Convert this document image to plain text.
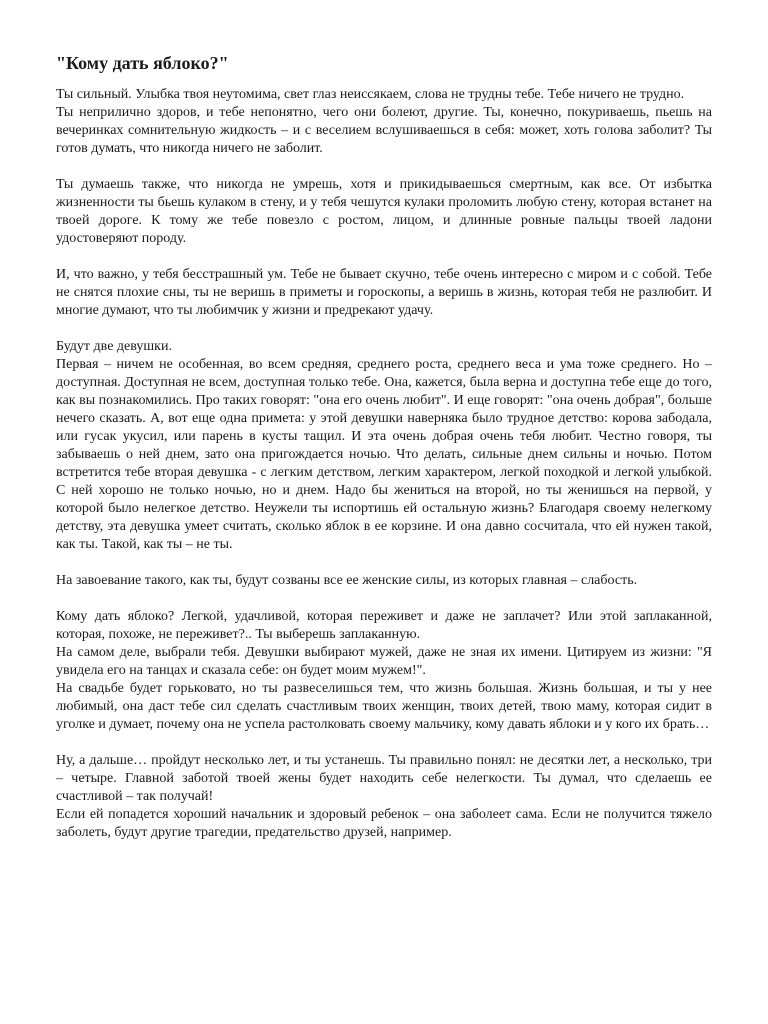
"Кому дать яблоко?"

Ты сильный. Улыбка твоя неутомима, свет глаз неиссякаем, слова не трудны тебе. Тебе ничего не трудно.
Ты неприлично здоров, и тебе непонятно, чего они болеют, другие. Ты, конечно, покуриваешь, пьешь на вечеринках сомнительную жидкость – и с веселием вслушиваешься в себя: может, хоть голова заболит? Ты готов думать, что никогда ничего не заболит.

Ты думаешь также, что никогда не умрешь, хотя и прикидываешься смертным, как все. От избытка жизненности ты бьешь кулаком в стену, и у тебя чешутся кулаки проломить любую стену, которая встанет на твоей дороге. К тому же тебе повезло с ростом, лицом, и длинные ровные пальцы твоей ладони удостоверяют породу.

И, что важно, у тебя бесстрашный ум. Тебе не бывает скучно, тебе очень интересно с миром и с собой. Тебе не снятся плохие сны, ты не веришь в приметы и гороскопы, а веришь в жизнь, которая тебя не разлюбит. И многие думают, что ты любимчик у жизни и предрекают удачу.

Будут две девушки.
Первая – ничем не особенная, во всем средняя, среднего роста, среднего веса и ума тоже среднего. Но – доступная. Доступная не всем, доступная только тебе. Она, кажется, была верна и доступна тебе еще до того, как вы познакомились. Про таких говорят: "она его очень любит". И еще говорят: "она очень добрая", больше нечего сказать. А, вот еще одна примета: у этой девушки наверняка было трудное детство: корова забодала, или гусак укусил, или парень в кусты тащил. И эта очень добрая очень тебя любит. Честно говоря, ты забываешь о ней днем, зато она пригождается ночью. Что делать, сильные днем сильны и ночью. Потом встретится тебе вторая девушка - с легким детством, легким характером, легкой походкой и легкой улыбкой. С ней хорошо не только ночью, но и днем. Надо бы жениться на второй, но ты женишься на первой, у которой было нелегкое детство. Неужели ты испортишь ей остальную жизнь? Благодаря своему нелегкому детству, эта девушка умеет считать, сколько яблок в ее корзине. И она давно сосчитала, что ей нужен такой, как ты. Такой, как ты – не ты.

На завоевание такого, как ты, будут созваны все ее женские силы, из которых главная – слабость.

Кому дать яблоко? Легкой, удачливой, которая переживет и даже не заплачет? Или этой заплаканной, которая, похоже, не переживет?.. Ты выберешь заплаканную.
На самом деле, выбрали тебя. Девушки выбирают мужей, даже не зная их имени. Цитируем из жизни: "Я увидела его на танцах и сказала себе: он будет моим мужем!".
На свадьбе будет горьковато, но ты развеселишься тем, что жизнь большая. Жизнь большая, и ты у нее любимый, она даст тебе сил сделать счастливым твоих женщин, твоих детей, твою маму, которая сидит в уголке и думает, почему она не успела растолковать своему мальчику, кому давать яблоки и у кого их брать…

Ну, а дальше… пройдут несколько лет, и ты устанешь. Ты правильно понял: не десятки лет, а несколько, три – четыре. Главной заботой твоей жены будет находить себе нелегкости. Ты думал, что сделаешь ее счастливой – так получай!
Если ей попадется хороший начальник и здоровый ребенок – она заболеет сама. Если не получится тяжело заболеть, будут другие трагедии, предательство друзей, например.
